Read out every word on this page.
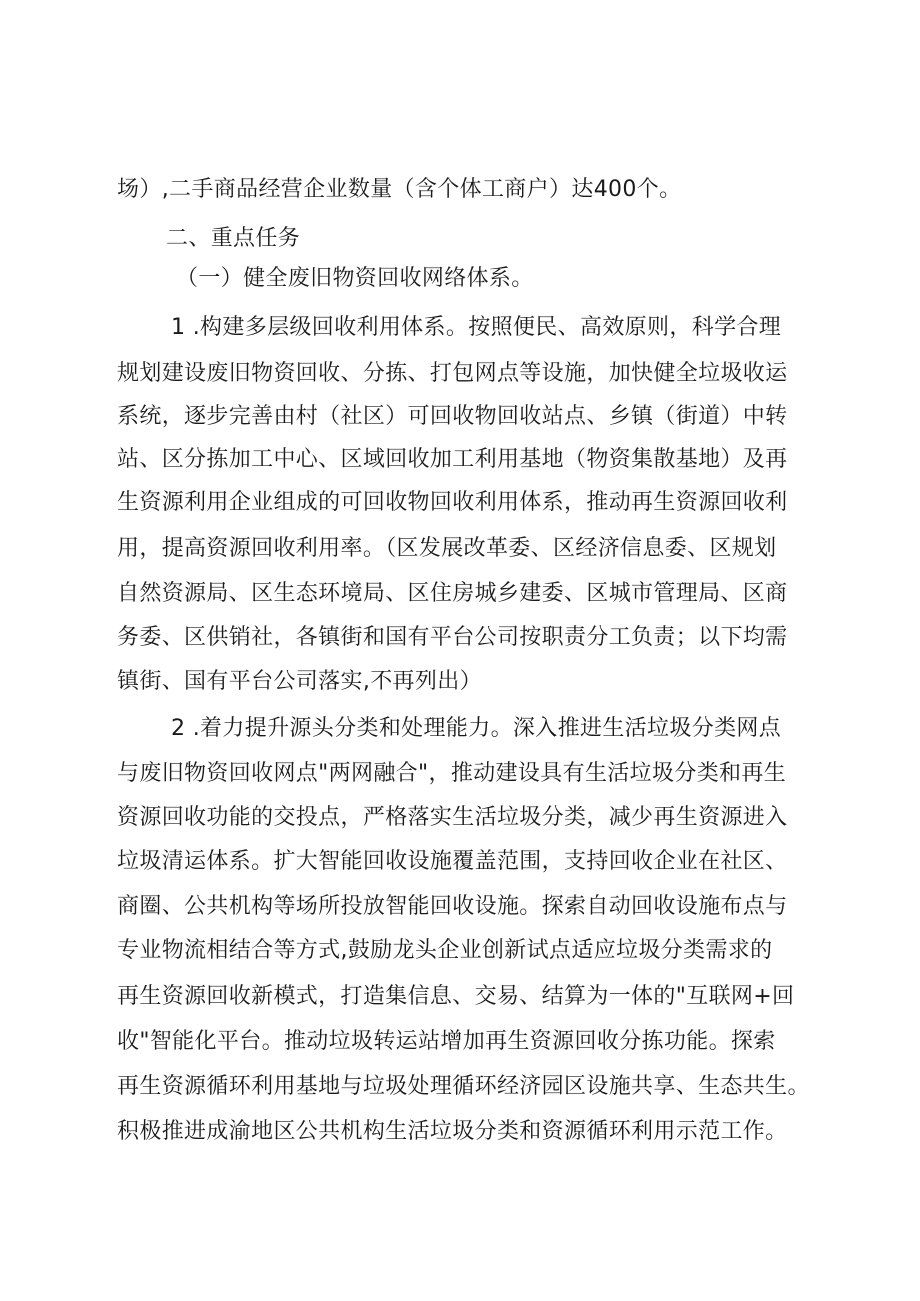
场）,二手商品经营企业数量（含个体工商户）达400个。
二、重点任务
（一）健全废旧物资回收网络体系。
1 .构建多层级回收利用体系。按照便民、高效原则，科学合理
规划建设废旧物资回收、分拣、打包网点等设施，加快健全垃圾收运
系统，逐步完善由村（社区）可回收物回收站点、乡镇（街道）中转
站、区分拣加工中心、区域回收加工利用基地（物资集散基地）及再
生资源利用企业组成的可回收物回收利用体系，推动再生资源回收利
用，提高资源回收利用率。（区发展改革委、区经济信息委、区规划
自然资源局、区生态环境局、区住房城乡建委、区城市管理局、区商
务委、区供销社，各镇街和国有平台公司按职责分工负责；以下均需
镇街、国有平台公司落实,不再列出）
2 .着力提升源头分类和处理能力。深入推进生活垃圾分类网点
与废旧物资回收网点"两网融合"，推动建设具有生活垃圾分类和再生
资源回收功能的交投点，严格落实生活垃圾分类，减少再生资源进入
垃圾清运体系。扩大智能回收设施覆盖范围，支持回收企业在社区、
商圈、公共机构等场所投放智能回收设施。探索自动回收设施布点与
专业物流相结合等方式,鼓励龙头企业创新试点适应垃圾分类需求的
再生资源回收新模式，打造集信息、交易、结算为一体的"互联网+回
收"智能化平台。推动垃圾转运站增加再生资源回收分拣功能。探索
再生资源循环利用基地与垃圾处理循环经济园区设施共享、生态共生。
积极推进成渝地区公共机构生活垃圾分类和资源循环利用示范工作。
